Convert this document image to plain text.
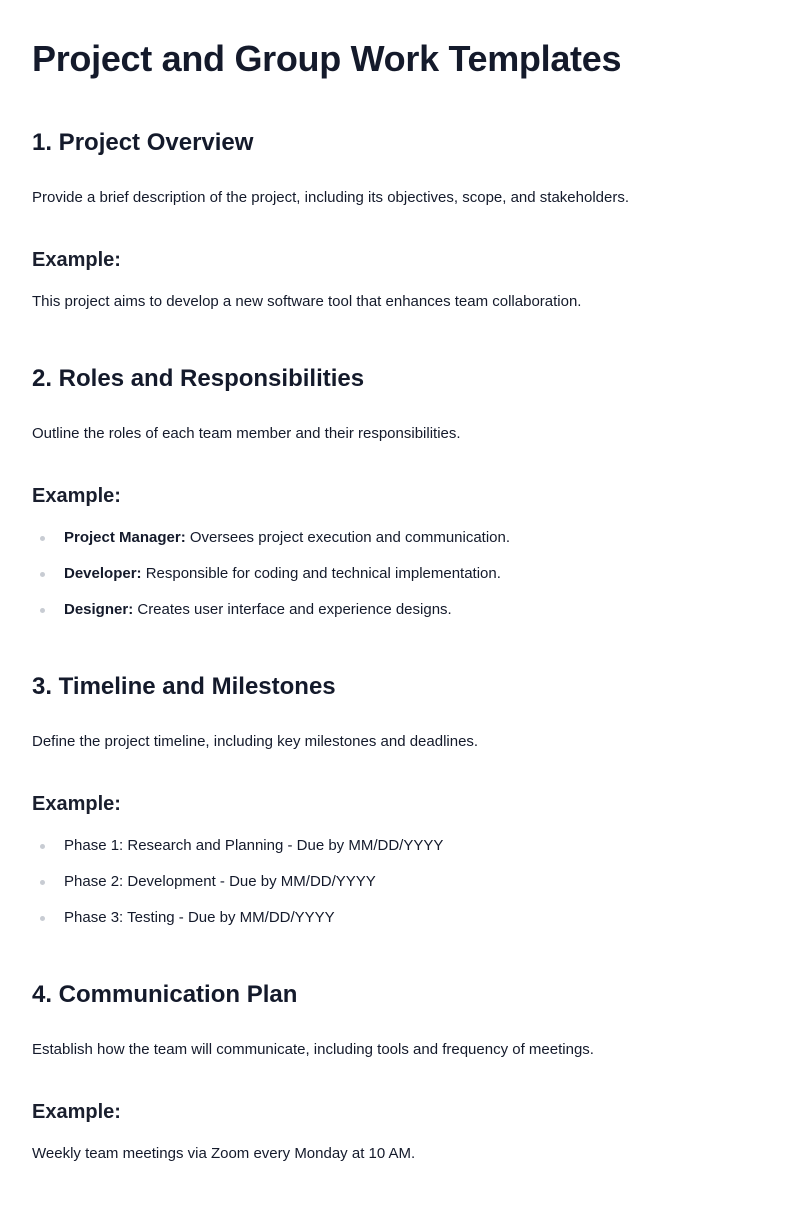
Project and Group Work Templates
1. Project Overview

Provide a brief description of the project, including its objectives, scope, and stakeholders.

Example:

This project aims to develop a new software tool that enhances team collaboration.

2. Roles and Responsibilities

Outline the roles of each team member and their responsibilities.

Example:
Project Manager: Oversees project execution and communication.
Developer: Responsible for coding and technical implementation.
Designer: Creates user interface and experience designs.
3. Timeline and Milestones

Define the project timeline, including key milestones and deadlines.

Example:
Phase 1: Research and Planning - Due by MM/DD/YYYY
Phase 2: Development - Due by MM/DD/YYYY
Phase 3: Testing - Due by MM/DD/YYYY
4. Communication Plan

Establish how the team will communicate, including tools and frequency of meetings.

Example:

Weekly team meetings via Zoom every Monday at 10 AM.
